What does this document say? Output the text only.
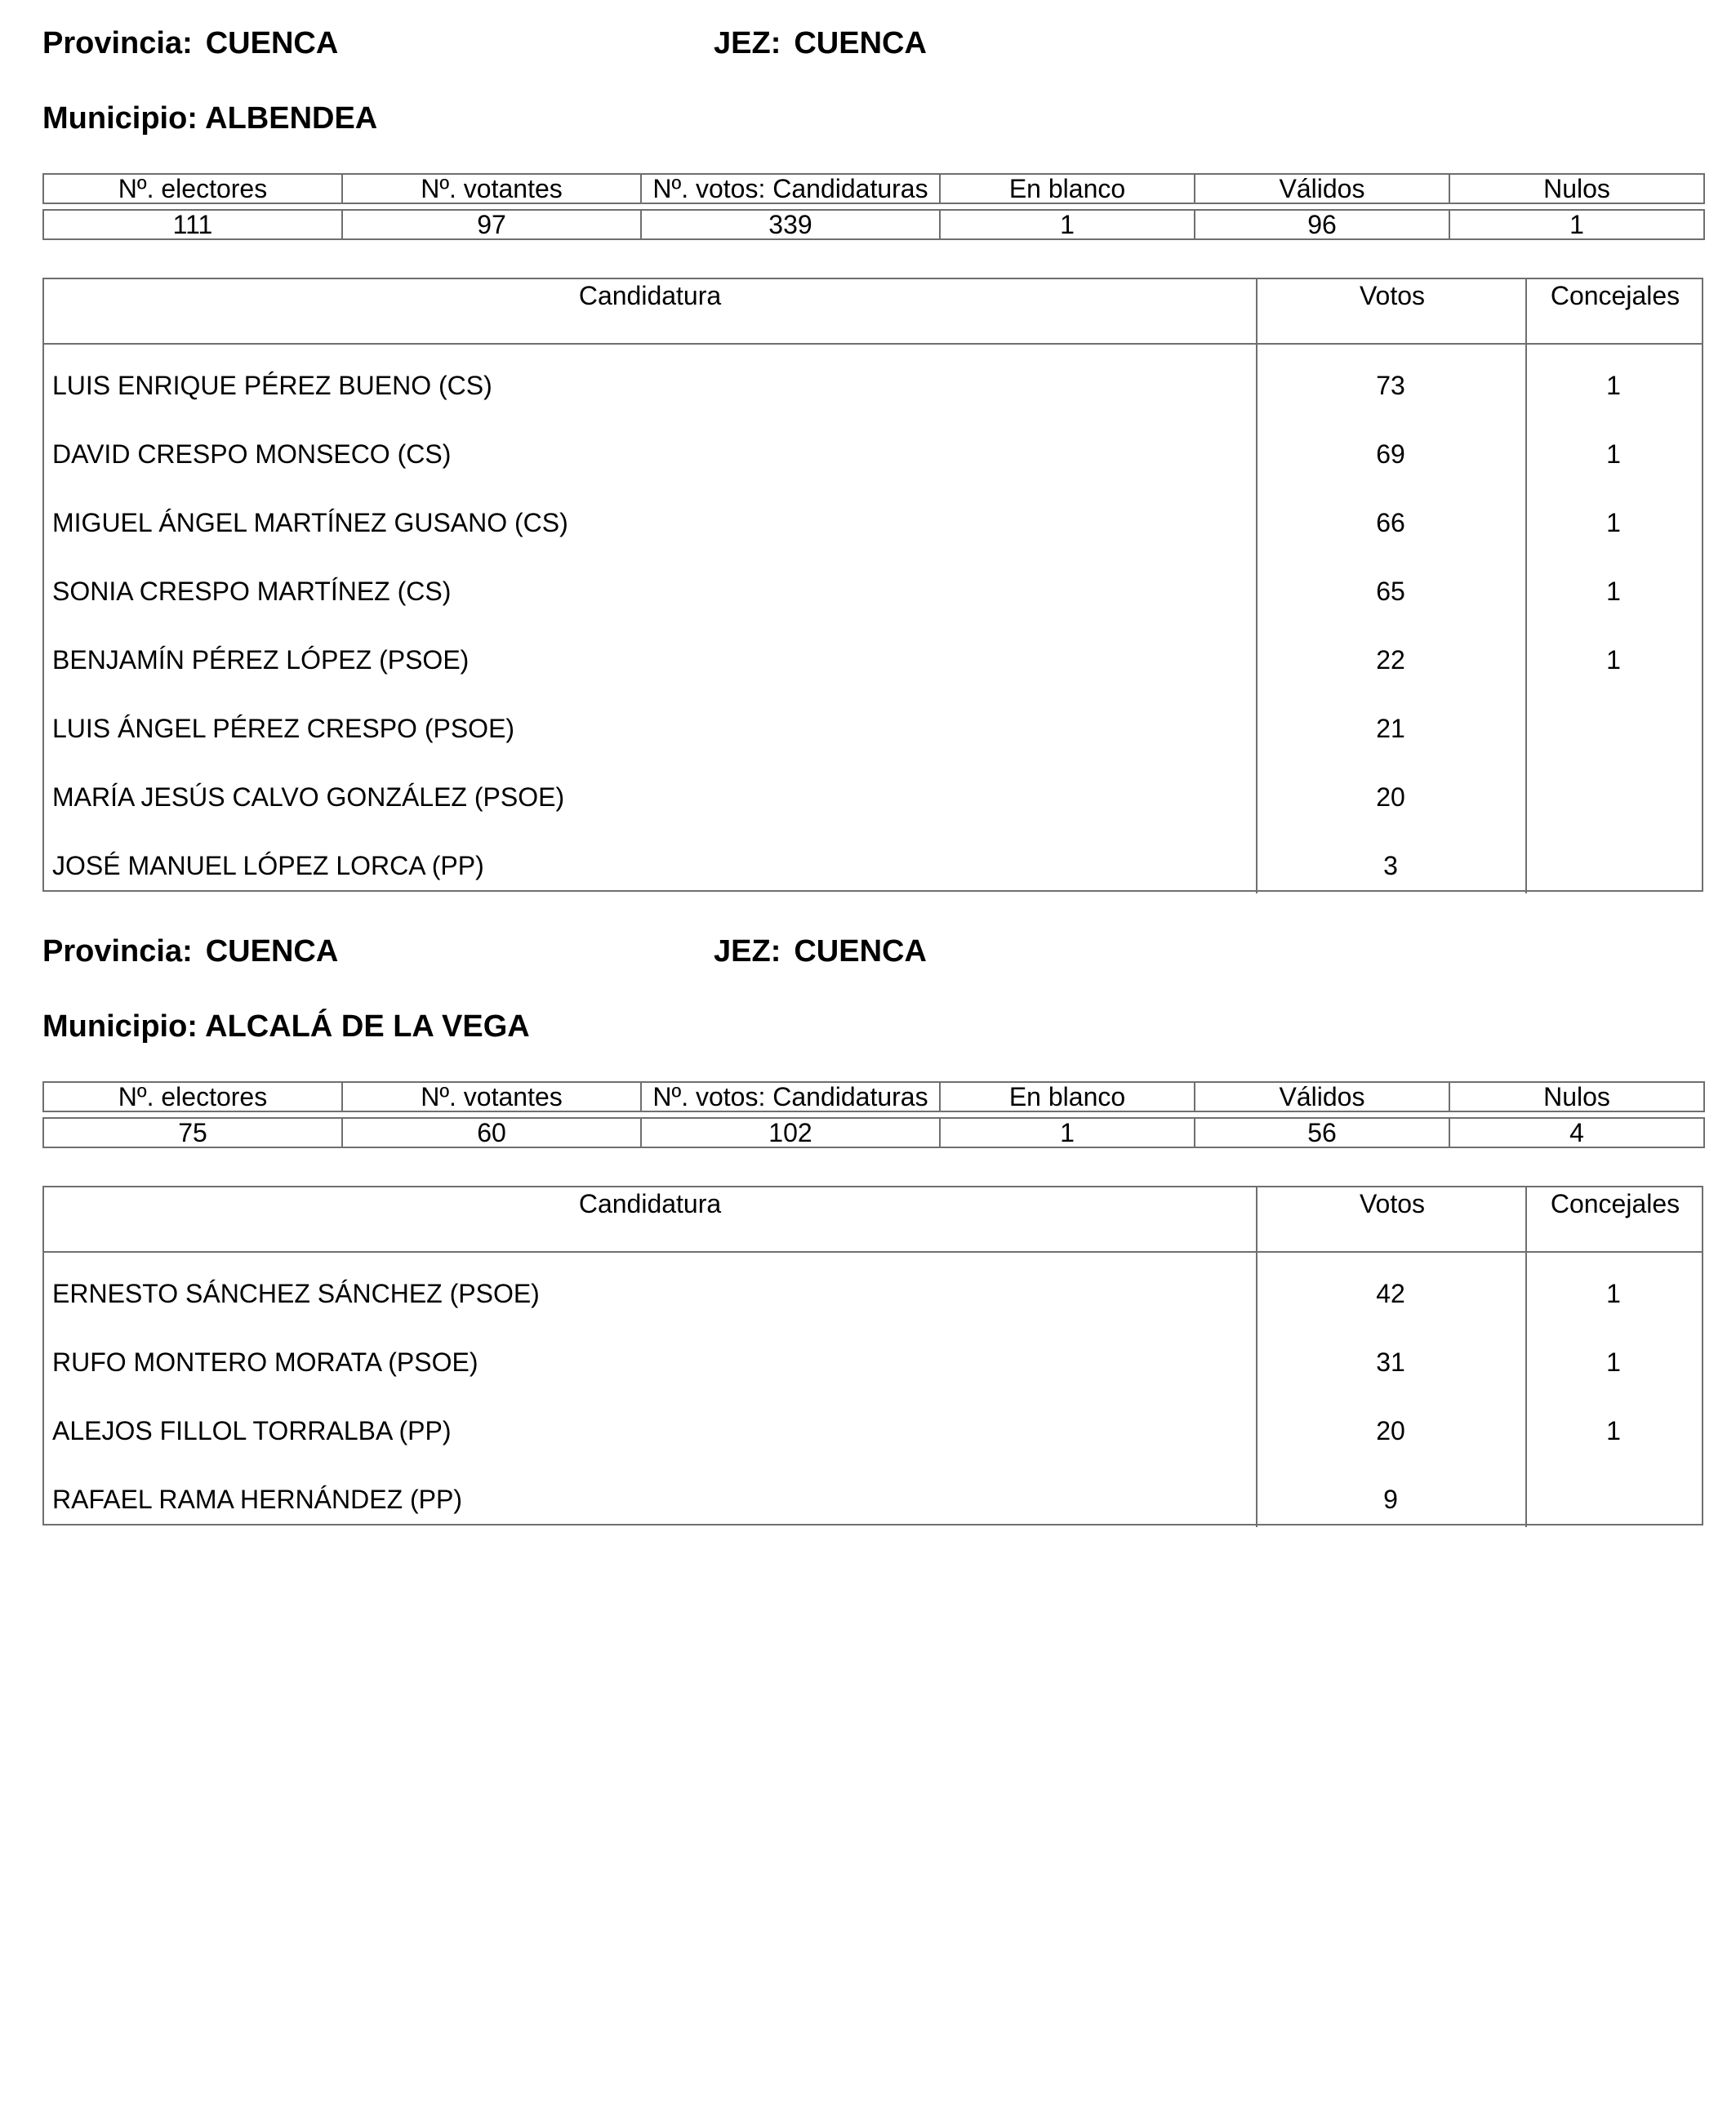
Provincia: CUENCA	JEZ: CUENCA
Municipio: ALBENDEA
Nº. electores	Nº. votantes	Nº. votos: Candidaturas	En blanco	Válidos	Nulos

111	97	339	1	96	1
Candidatura	Votos	Concejales
LUIS ENRIQUE PÉREZ BUENO (CS)	73	1
DAVID CRESPO MONSECO (CS)	69	1
MIGUEL ÁNGEL MARTÍNEZ GUSANO (CS)	66	1
SONIA CRESPO MARTÍNEZ (CS)	65	1
BENJAMÍN PÉREZ LÓPEZ (PSOE)	22	1
LUIS ÁNGEL PÉREZ CRESPO (PSOE)	21
MARÍA JESÚS CALVO GONZÁLEZ (PSOE)	20
JOSÉ MANUEL LÓPEZ LORCA (PP)	3
Provincia: CUENCA	JEZ: CUENCA
Municipio: ALCALÁ DE LA VEGA
Nº. electores	Nº. votantes	Nº. votos: Candidaturas	En blanco	Válidos	Nulos

75	60	102	1	56	4
Candidatura	Votos	Concejales
ERNESTO SÁNCHEZ SÁNCHEZ (PSOE)	42	1
RUFO MONTERO MORATA (PSOE)	31	1
ALEJOS FILLOL TORRALBA (PP)	20	1
RAFAEL RAMA HERNÁNDEZ (PP)	9
